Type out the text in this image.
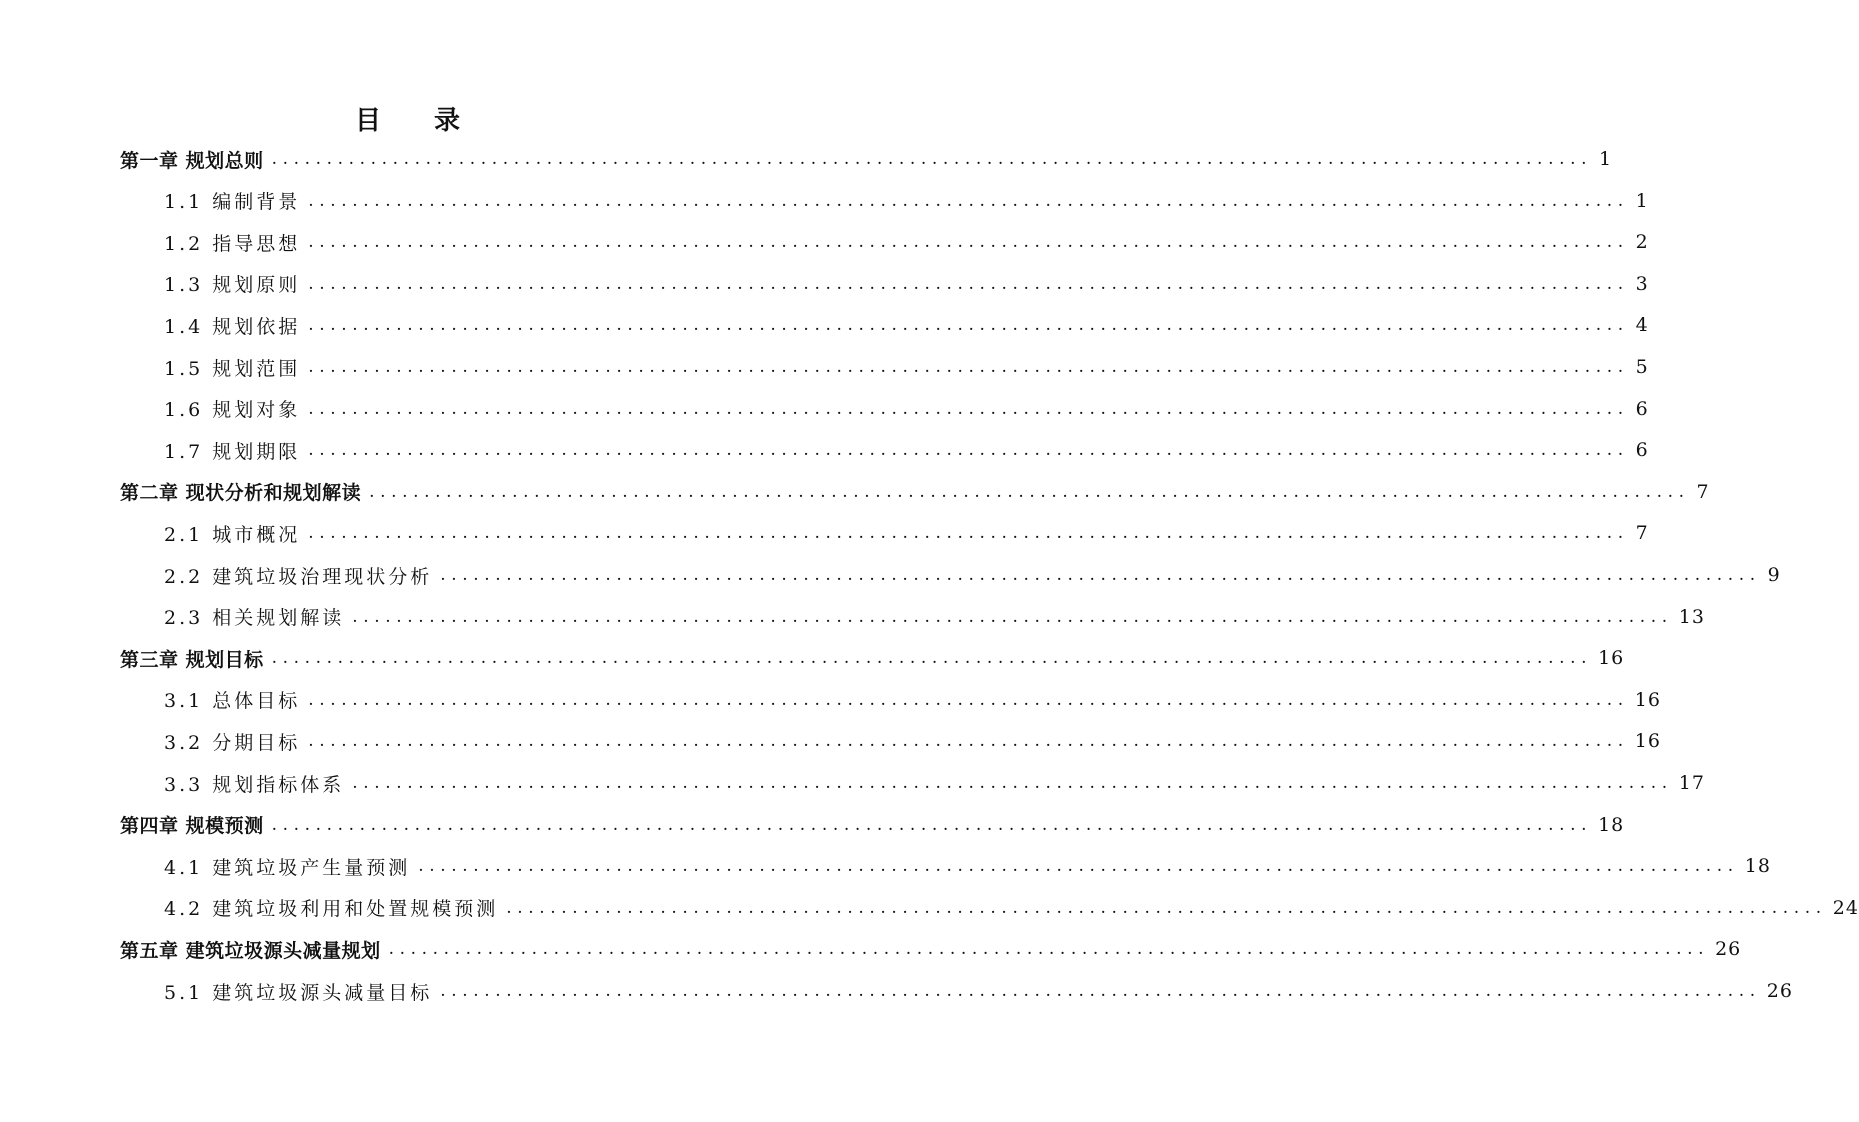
目 录
第一章 规划总则 ........................................................................................................................ 1
1.1 编制背景 ........................................................................................................................ 1
1.2 指导思想 ........................................................................................................................ 2
1.3 规划原则 ........................................................................................................................ 3
1.4 规划依据 ........................................................................................................................ 4
1.5 规划范围 ........................................................................................................................ 5
1.6 规划对象 ........................................................................................................................ 6
1.7 规划期限 ........................................................................................................................ 6
第二章 现状分析和规划解读 ........................................................................................................................ 7
2.1 城市概况 ........................................................................................................................ 7
2.2 建筑垃圾治理现状分析 ........................................................................................................................ 9
2.3 相关规划解读 ........................................................................................................................ 13
第三章 规划目标 ........................................................................................................................ 16
3.1 总体目标 ........................................................................................................................ 16
3.2 分期目标 ........................................................................................................................ 16
3.3 规划指标体系 ........................................................................................................................ 17
第四章 规模预测 ........................................................................................................................ 18
4.1 建筑垃圾产生量预测 ........................................................................................................................ 18
4.2 建筑垃圾利用和处置规模预测 ........................................................................................................................ 24
第五章 建筑垃圾源头减量规划 ........................................................................................................................ 26
5.1 建筑垃圾源头减量目标 ........................................................................................................................ 26
